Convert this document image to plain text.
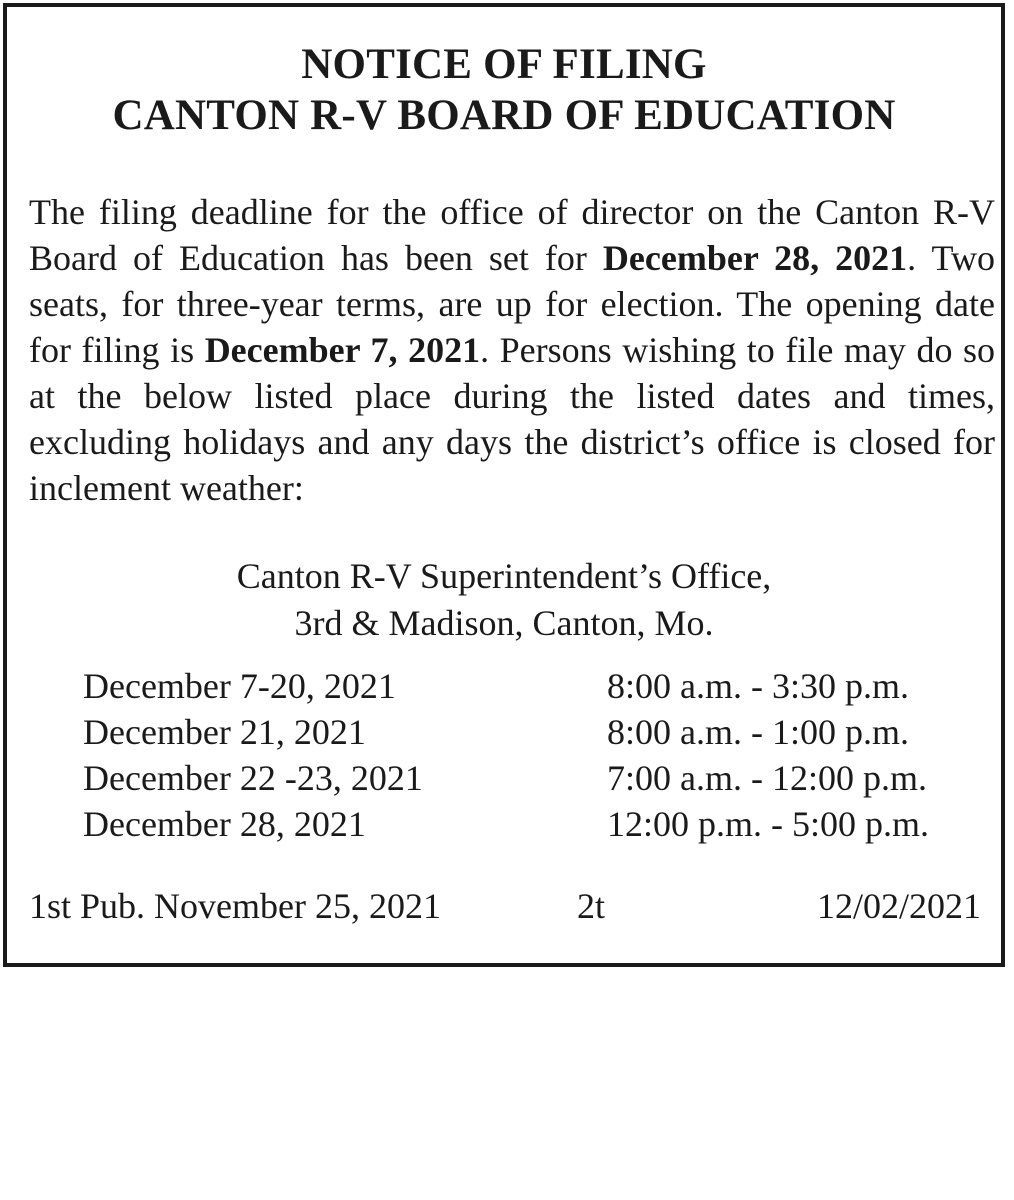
NOTICE OF FILING
CANTON R-V BOARD OF EDUCATION
The filing deadline for the office of director on the Canton R-V Board of Education has been set for December 28, 2021. Two seats, for three-year terms, are up for election. The opening date for filing is December 7, 2021. Persons wishing to file may do so at the below listed place during the listed dates and times, excluding holidays and any days the district’s office is closed for inclement weather:
Canton R-V Superintendent’s Office,
3rd & Madison, Canton, Mo.
December 7-20, 2021	8:00 a.m. - 3:30 p.m.
December 21, 2021	8:00 a.m. - 1:00 p.m.
December 22 -23, 2021	7:00 a.m. - 12:00 p.m.
December 28, 2021	12:00 p.m. - 5:00 p.m.
1st Pub. November 25, 2021	2t	12/02/2021
